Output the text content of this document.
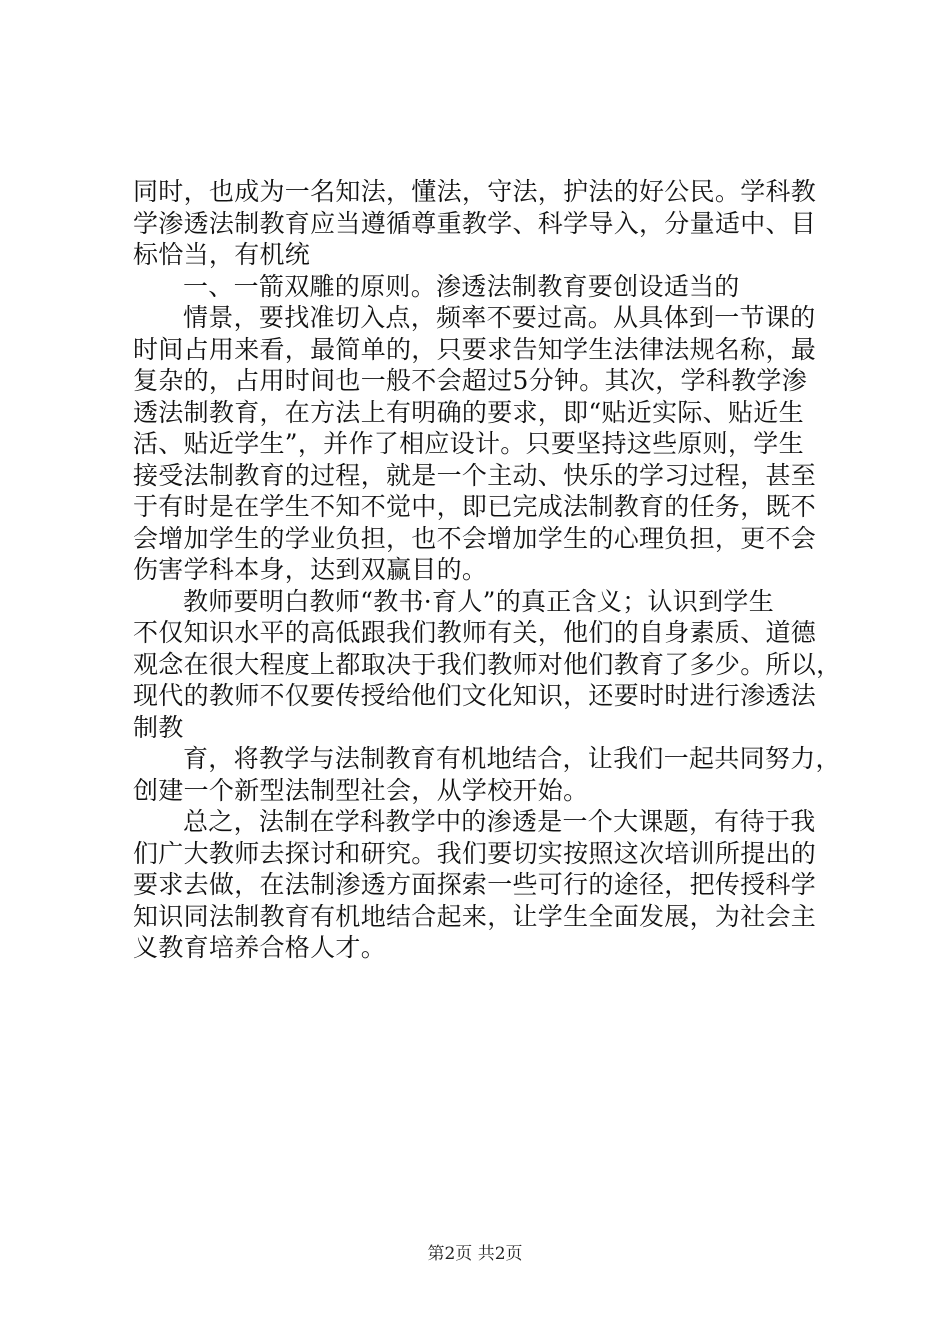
同时，也成为一名知法，懂法，守法，护法的好公民。学科教
学渗透法制教育应当遵循尊重教学、科学导入，分量适中、目
标恰当，有机统
一、一箭双雕的原则。渗透法制教育要创设适当的
情景，要找准切入点，频率不要过高。从具体到一节课的
时间占用来看，最简单的，只要求告知学生法律法规名称，最
复杂的，占用时间也一般不会超过5分钟。其次，学科教学渗
透法制教育，在方法上有明确的要求，即“贴近实际、贴近生
活、贴近学生”，并作了相应设计。只要坚持这些原则，学生
接受法制教育的过程，就是一个主动、快乐的学习过程，甚至
于有时是在学生不知不觉中，即已完成法制教育的任务，既不
会增加学生的学业负担，也不会增加学生的心理负担，更不会
伤害学科本身，达到双赢目的。
教师要明白教师“教书·育人”的真正含义；认识到学生
不仅知识水平的高低跟我们教师有关，他们的自身素质、道德
观念在很大程度上都取决于我们教师对他们教育了多少。所以，
现代的教师不仅要传授给他们文化知识，还要时时进行渗透法
制教
育，将教学与法制教育有机地结合，让我们一起共同努力，
创建一个新型法制型社会，从学校开始。
总之，法制在学科教学中的渗透是一个大课题，有待于我
们广大教师去探讨和研究。我们要切实按照这次培训所提出的
要求去做，在法制渗透方面探索一些可行的途径，把传授科学
知识同法制教育有机地结合起来，让学生全面发展，为社会主
义教育培养合格人才。
第2页 共2页
